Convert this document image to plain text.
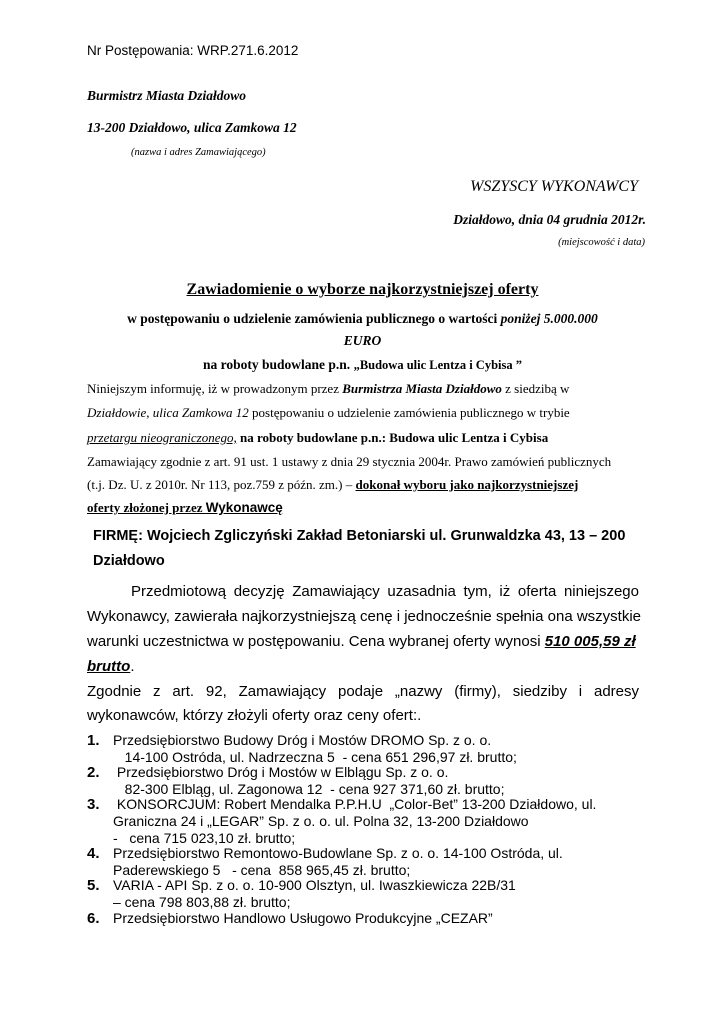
Nr Postępowania: WRP.271.6.2012
Burmistrz Miasta Działdowo
13-200 Działdowo, ulica Zamkowa 12
(nazwa i adres Zamawiającego)
WSZYSCY WYKONAWCY
Działdowo, dnia 04 grudnia 2012r.
(miejscowość i data)
Zawiadomienie o wyborze najkorzystniejszej oferty
w postępowaniu o udzielenie zamówienia publicznego o wartości poniżej 5.000.000
EURO
na roboty budowlane p.n. „Budowa ulic Lentza i Cybisa ”
Niniejszym informuję, iż w prowadzonym przez Burmistrza Miasta Działdowo z siedzibą w
Działdowie, ulica Zamkowa 12 postępowaniu o udzielenie zamówienia publicznego w trybie
przetargu nieograniczonego, na roboty budowlane p.n.: Budowa ulic Lentza i Cybisa
Zamawiający zgodnie z art. 91 ust. 1 ustawy z dnia 29 stycznia 2004r. Prawo zamówień publicznych
(t.j. Dz. U. z 2010r. Nr 113, poz.759 z późn. zm.) – dokonał wyboru jako najkorzystniejszej
oferty złożonej przez Wykonawcę
FIRMĘ: Wojciech Zgliczyński Zakład Betoniarski ul. Grunwaldzka 43, 13 – 200
Działdowo
Przedmiotową decyzję Zamawiający uzasadnia tym, iż oferta niniejszego
Wykonawcy, zawierała najkorzystniejszą cenę i jednocześnie spełnia ona wszystkie
warunki uczestnictwa w postępowaniu. Cena wybranej oferty wynosi 510 005,59 zł
brutto.
Zgodnie z art. 92, Zamawiający podaje „nazwy (firmy), siedziby i adresy
wykonawców, którzy złożyli oferty oraz ceny ofert:.
1. Przedsiębiorstwo Budowy Dróg i Mostów DROMO Sp. z o. o.
14-100 Ostróda, ul. Nadrzeczna 5  - cena 651 296,97 zł. brutto;
2. Przedsiębiorstwo Dróg i Mostów w Elblągu Sp. z o. o.
82-300 Elbląg, ul. Zagonowa 12  - cena 927 371,60 zł. brutto;
3. KONSORCJUM: Robert Mendalka P.P.H.U  „Color-Bet” 13-200 Działdowo, ul.
Graniczna 24 i „LEGAR” Sp. z o. o. ul. Polna 32, 13-200 Działdowo
-   cena 715 023,10 zł. brutto;
4. Przedsiębiorstwo Remontowo-Budowlane Sp. z o. o. 14-100 Ostróda, ul.
Paderewskiego 5   - cena  858 965,45 zł. brutto;
5. VARIA - API Sp. z o. o. 10-900 Olsztyn, ul. Iwaszkiewicza 22B/31
– cena 798 803,88 zł. brutto;
6. Przedsiębiorstwo Handlowo Usługowo Produkcyjne „CEZAR”
